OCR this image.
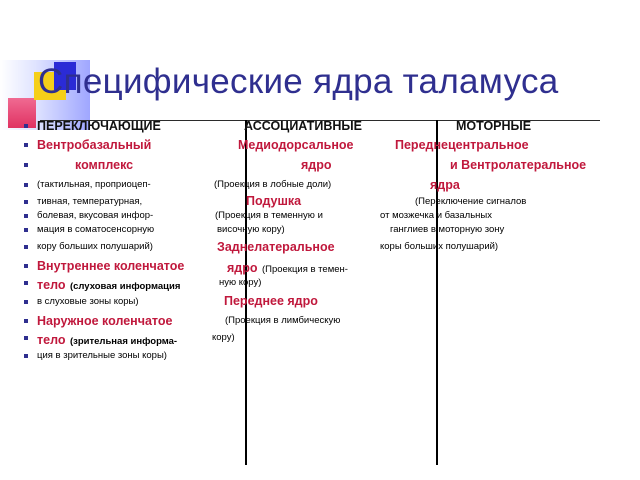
Специфические ядра таламуса
ПЕРЕКЛЮЧАЮЩИЕ	АССОЦИАТИВНЫЕ	МОТОРНЫЕ
Вентробазальный
комплекс
(тактильная, проприоцеп-
тивная, температурная,
болевая, вкусовая инфор-
мация в соматосенсорную
кору больших полушарий)
Внутреннее коленчатое
тело (слуховая информация
в слуховые зоны коры)
Наружное коленчатое
тело (зрительная информа-
ция в зрительные зоны коры)
Медиодорсальное
ядро
(Проекция в лобные доли)
Подушка
(Проекция в теменную и
височную кору)
Заднелатеральное
ядро (Проекция в темен-
ную кору)
Переднее ядро
(Проекция в лимбическую
кору)
Переднецентральное
и Вентролатеральное
ядра
(Переключение сигналов
от мозжечка и базальных
ганглиев в моторную зону
коры больших полушарий)
